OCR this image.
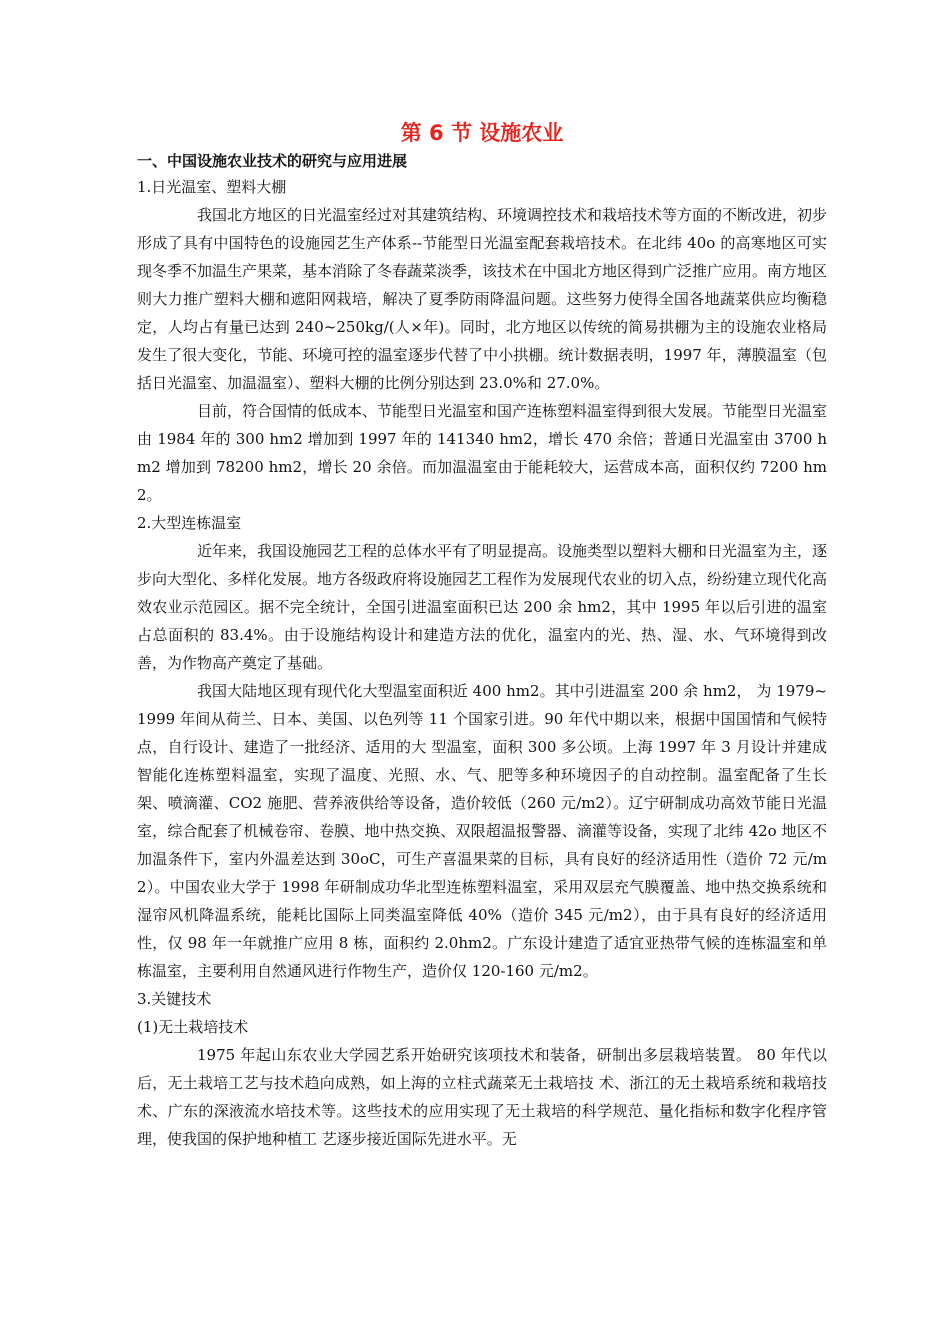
第 6 节 设施农业
一、中国设施农业技术的研究与应用进展
1.日光温室、塑料大棚

我国北方地区的日光温室经过对其建筑结构、环境调控技术和栽培技术等方面的不断改进，初步形成了具有中国特色的设施园艺生产体系--节能型日光温室配套栽培技术。在北纬 40o 的高寒地区可实现冬季不加温生产果菜，基本消除了冬春蔬菜淡季，该技术在中国北方地区得到广泛推广应用。南方地区则大力推广塑料大棚和遮阳网栽培，解决了夏季防雨降温问题。这些努力使得全国各地蔬菜供应均衡稳定，人均占有量已达到 240~250kg/(人×年)。同时，北方地区以传统的简易拱棚为主的设施农业格局发生了很大变化，节能、环境可控的温室逐步代替了中小拱棚。统计数据表明，1997 年，薄膜温室（包括日光温室、加温温室）、塑料大棚的比例分别达到 23.0%和 27.0%。

目前，符合国情的低成本、节能型日光温室和国产连栋塑料温室得到很大发展。节能型日光温室由 1984 年的 300 hm2 增加到 1997 年的 141340 hm2，增长 470 余倍；普通日光温室由 3700 hm2 增加到 78200 hm2，增长 20 余倍。而加温温室由于能耗较大，运营成本高，面积仅约 7200 hm2。

2.大型连栋温室

近年来，我国设施园艺工程的总体水平有了明显提高。设施类型以塑料大棚和日光温室为主，逐步向大型化、多样化发展。地方各级政府将设施园艺工程作为发展现代农业的切入点，纷纷建立现代化高效农业示范园区。据不完全统计，全国引进温室面积已达 200 余 hm2，其中 1995 年以后引进的温室占总面积的 83.4%。由于设施结构设计和建造方法的优化，温室内的光、热、湿、水、气环境得到改善，为作物高产奠定了基础。

我国大陆地区现有现代化大型温室面积近 400 hm2。其中引进温室 200 余 hm2， 为 1979~1999 年间从荷兰、日本、美国、以色列等 11 个国家引进。90 年代中期以来，根据中国国情和气候特点，自行设计、建造了一批经济、适用的大 型温室，面积 300 多公顷。上海 1997 年 3 月设计并建成智能化连栋塑料温室，实现了温度、光照、水、气、肥等多种环境因子的自动控制。温室配备了生长 架、喷滴灌、CO2 施肥、营养液供给等设备，造价较低（260 元/m2）。辽宁研制成功高效节能日光温室，综合配套了机械卷帘、卷膜、地中热交换、双限超温报警器、滴灌等设备，实现了北纬 42o 地区不加温条件下，室内外温差达到 30oC，可生产喜温果菜的目标，具有良好的经济适用性（造价 72 元/m2）。中国农业大学于 1998 年研制成功华北型连栋塑料温室，采用双层充气膜覆盖、地中热交换系统和湿帘风机降温系统，能耗比国际上同类温室降低 40%（造价 345 元/m2），由于具有良好的经济适用性，仅 98 年一年就推广应用 8 栋，面积约 2.0hm2。广东设计建造了适宜亚热带气候的连栋温室和单栋温室，主要利用自然通风进行作物生产，造价仅 120-160 元/m2。

3.关键技术
(1)无土栽培技术

1975 年起山东农业大学园艺系开始研究该项技术和装备，研制出多层栽培装置。 80 年代以后，无土栽培工艺与技术趋向成熟，如上海的立柱式蔬菜无土栽培技 术、浙江的无土栽培系统和栽培技术、广东的深液流水培技术等。这些技术的应用实现了无土栽培的科学规范、量化指标和数字化程序管理，使我国的保护地种植工 艺逐步接近国际先进水平。无
